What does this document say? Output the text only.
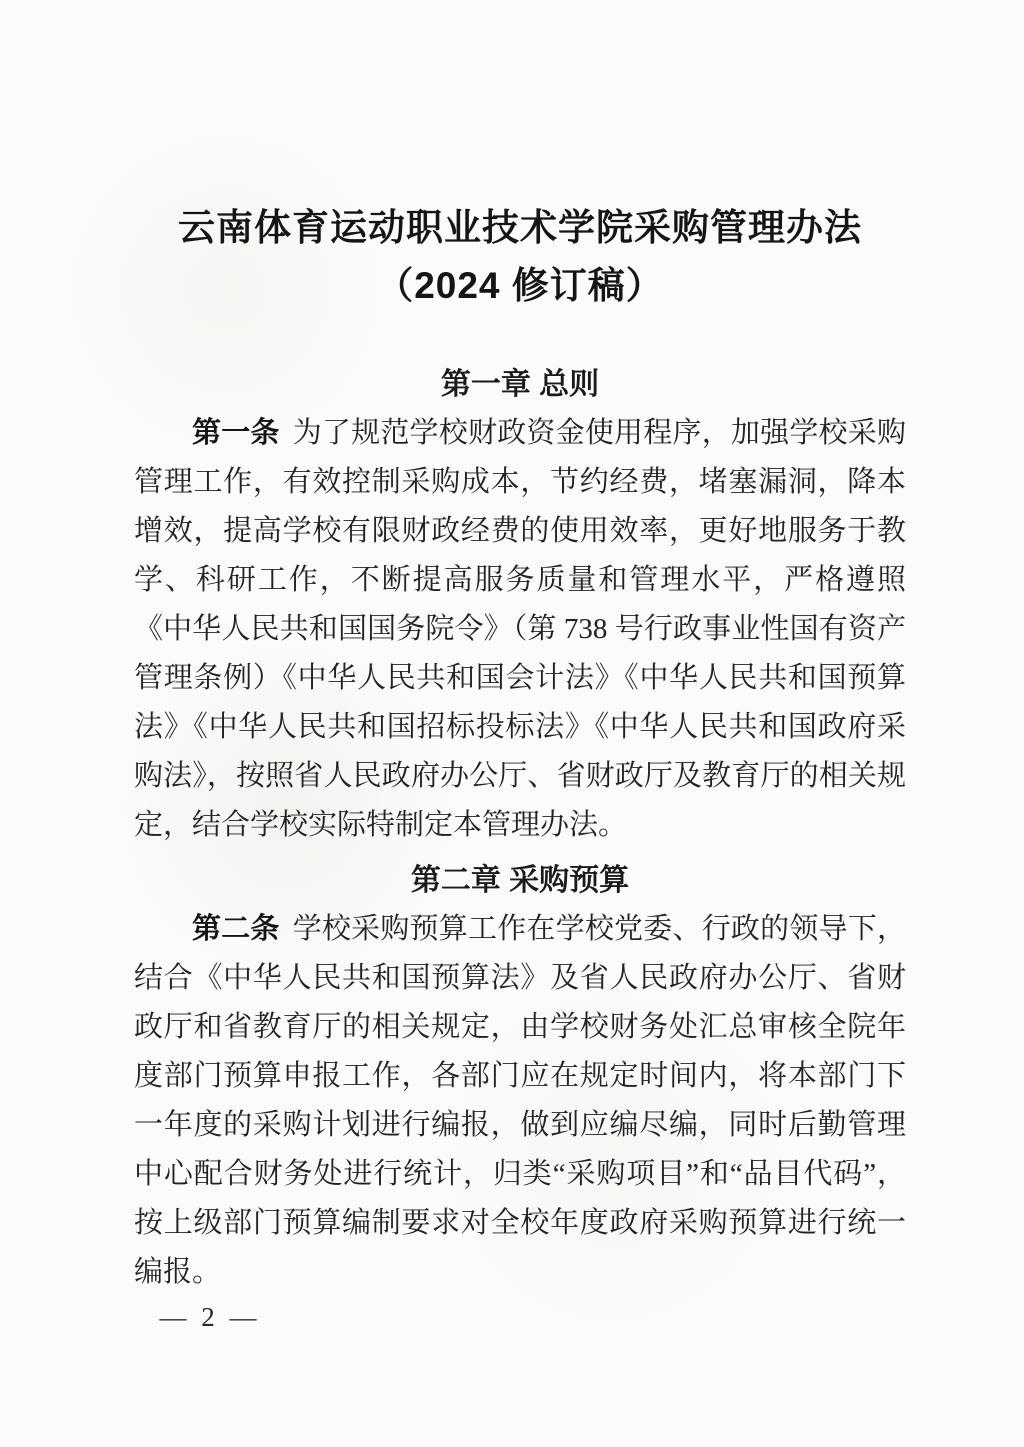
云南体育运动职业技术学院采购管理办法
（2024 修订稿）
第一章 总则

第一条 为了规范学校财政资金使用程序，加强学校采购管理工作，有效控制采购成本，节约经费，堵塞漏洞，降本增效，提高学校有限财政经费的使用效率，更好地服务于教学、科研工作，不断提高服务质量和管理水平，严格遵照《中华人民共和国国务院令》（第 738 号行政事业性国有资产管理条例）《中华人民共和国会计法》《中华人民共和国预算法》《中华人民共和国招标投标法》《中华人民共和国政府采购法》，按照省人民政府办公厅、省财政厅及教育厅的相关规定，结合学校实际特制定本管理办法。

第二章 采购预算

第二条 学校采购预算工作在学校党委、行政的领导下，结合《中华人民共和国预算法》及省人民政府办公厅、省财政厅和省教育厅的相关规定，由学校财务处汇总审核全院年度部门预算申报工作，各部门应在规定时间内，将本部门下一年度的采购计划进行编报，做到应编尽编，同时后勤管理中心配合财务处进行统计，归类“采购项目”和“品目代码”，按上级部门预算编制要求对全校年度政府采购预算进行统一编报。

— 2 —
